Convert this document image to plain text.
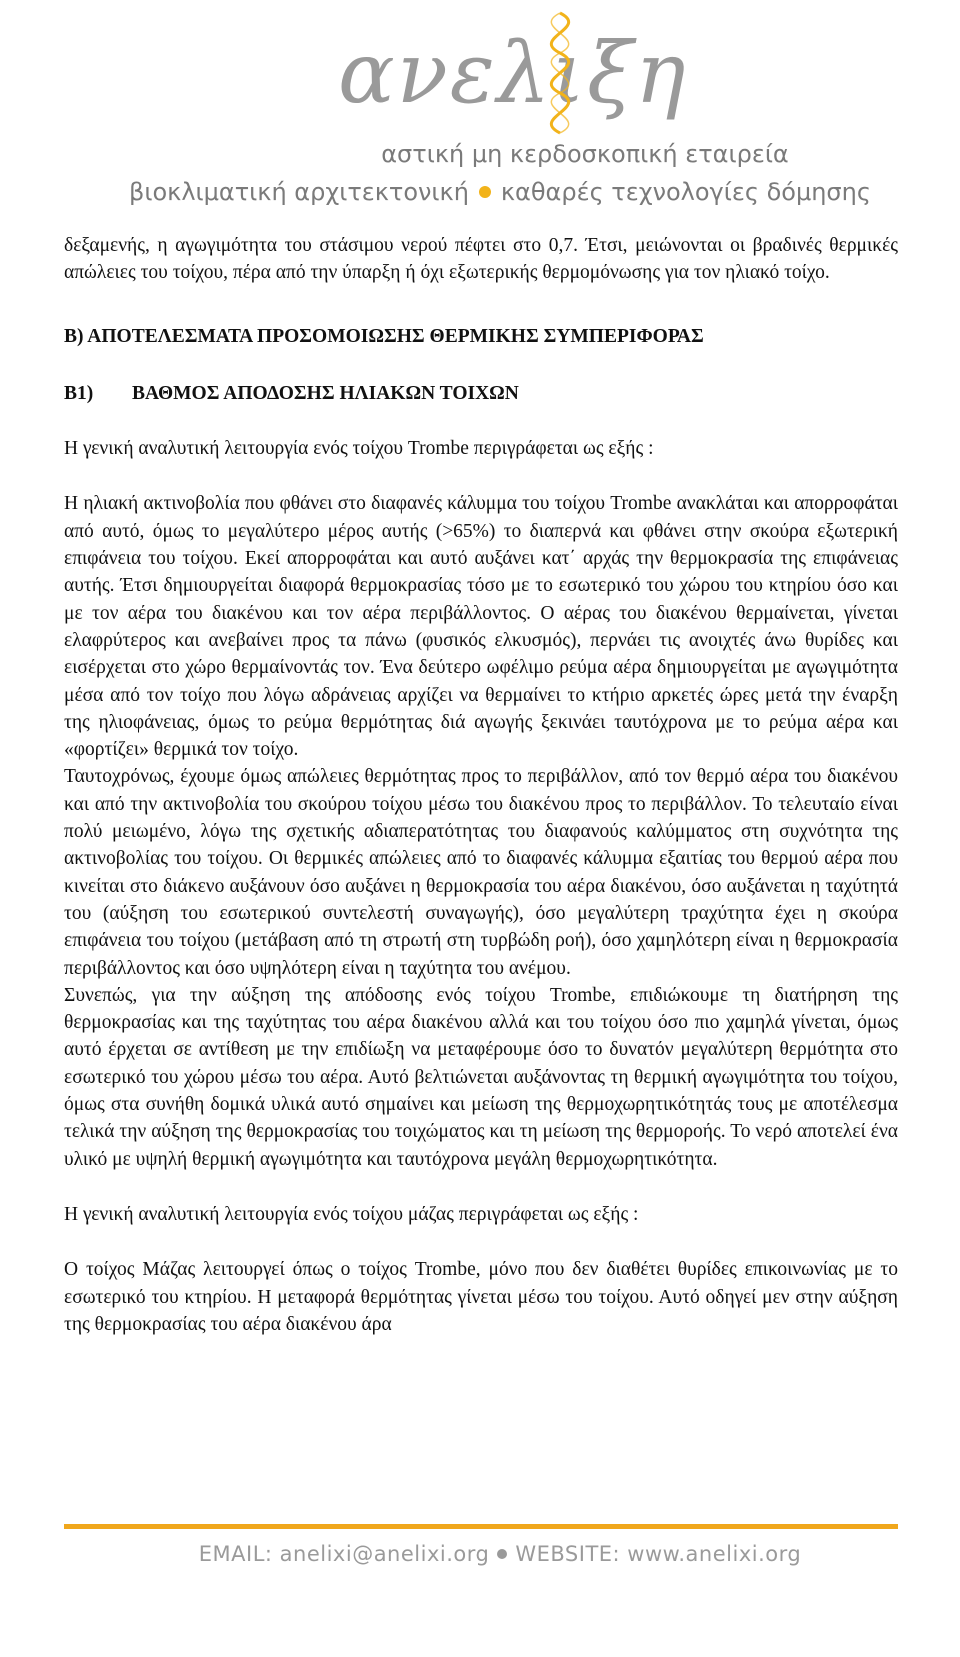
ανελιξη
αστική μη κερδοσκοπική εταιρεία
βιοκλιματική αρχιτεκτονική καθαρές τεχνολογίες δόμησης

δεξαμενής, η αγωγιμότητα του στάσιμου νερού πέφτει στο 0,7. Έτσι, μειώνονται οι βραδινές θερμικές απώλειες του τοίχου, πέρα από την ύπαρξη ή όχι εξωτερικής θερμομόνωσης για τον ηλιακό τοίχο.

Β) ΑΠΟΤΕΛΕΣΜΑΤΑ ΠΡΟΣΟΜΟΙΩΣΗΣ ΘΕΡΜΙΚΗΣ ΣΥΜΠΕΡΙΦΟΡΑΣ
Β1)	ΒΑΘΜΟΣ ΑΠΟΔΟΣΗΣ ΗΛΙΑΚΩΝ ΤΟΙΧΩΝ

Η γενική αναλυτική λειτουργία ενός τοίχου Trombe περιγράφεται ως εξής :

Η ηλιακή ακτινοβολία που φθάνει στο διαφανές κάλυμμα του τοίχου Trombe ανακλάται και απορροφάται από αυτό, όμως το μεγαλύτερο μέρος αυτής (>65%) το διαπερνά και φθάνει στην σκούρα εξωτερική επιφάνεια του τοίχου. Εκεί απορροφάται και αυτό αυξάνει κατ΄ αρχάς την θερμοκρασία της επιφάνειας αυτής. Έτσι δημιουργείται διαφορά θερμοκρασίας τόσο με το εσωτερικό του χώρου του κτηρίου όσο και με τον αέρα του διακένου και τον αέρα περιβάλλοντος. Ο αέρας του διακένου θερμαίνεται, γίνεται ελαφρύτερος και ανεβαίνει προς τα πάνω (φυσικός ελκυσμός), περνάει τις ανοιχτές άνω θυρίδες και εισέρχεται στο χώρο θερμαίνοντάς τον. Ένα δεύτερο ωφέλιμο ρεύμα αέρα δημιουργείται με αγωγιμότητα μέσα από τον τοίχο που λόγω αδράνειας αρχίζει να θερμαίνει το κτήριο αρκετές ώρες μετά την έναρξη της ηλιοφάνειας, όμως το ρεύμα θερμότητας διά αγωγής ξεκινάει ταυτόχρονα με το ρεύμα αέρα και «φορτίζει» θερμικά τον τοίχο.

Ταυτοχρόνως, έχουμε όμως απώλειες θερμότητας προς το περιβάλλον, από τον θερμό αέρα του διακένου και από την ακτινοβολία του σκούρου τοίχου μέσω του διακένου προς το περιβάλλον. Το τελευταίο είναι πολύ μειωμένο, λόγω της σχετικής αδιαπερατότητας του διαφανούς καλύμματος στη συχνότητα της ακτινοβολίας του τοίχου. Οι θερμικές απώλειες από το διαφανές κάλυμμα εξαιτίας του θερμού αέρα που κινείται στο διάκενο αυξάνουν όσο αυξάνει η θερμοκρασία του αέρα διακένου, όσο αυξάνεται η ταχύτητά του (αύξηση του εσωτερικού συντελεστή συναγωγής), όσο μεγαλύτερη τραχύτητα έχει η σκούρα επιφάνεια του τοίχου (μετάβαση από τη στρωτή στη τυρβώδη ροή), όσο χαμηλότερη είναι η θερμοκρασία περιβάλλοντος και όσο υψηλότερη είναι η ταχύτητα του ανέμου.

Συνεπώς, για την αύξηση της απόδοσης ενός τοίχου Trombe, επιδιώκουμε τη διατήρηση της θερμοκρασίας και της ταχύτητας του αέρα διακένου αλλά και του τοίχου όσο πιο χαμηλά γίνεται, όμως αυτό έρχεται σε αντίθεση με την επιδίωξη να μεταφέρουμε όσο το δυνατόν μεγαλύτερη θερμότητα στο εσωτερικό του χώρου μέσω του αέρα. Αυτό βελτιώνεται αυξάνοντας τη θερμική αγωγιμότητα του τοίχου, όμως στα συνήθη δομικά υλικά αυτό σημαίνει και μείωση της θερμοχωρητικότητάς τους με αποτέλεσμα τελικά την αύξηση της θερμοκρασίας του τοιχώματος και τη μείωση της θερμοροής. Το νερό αποτελεί ένα υλικό με υψηλή θερμική αγωγιμότητα και ταυτόχρονα μεγάλη θερμοχωρητικότητα.

Η γενική αναλυτική λειτουργία ενός τοίχου μάζας περιγράφεται ως εξής :

Ο τοίχος Μάζας λειτουργεί όπως ο τοίχος Trombe, μόνο που δεν διαθέτει θυρίδες επικοινωνίας με το εσωτερικό του κτηρίου. Η μεταφορά θερμότητας γίνεται μέσω του τοίχου. Αυτό οδηγεί μεν στην αύξηση της θερμοκρασίας του αέρα διακένου άρα

EMAIL: anelixi@anelixi.org WEBSITE: www.anelixi.org
